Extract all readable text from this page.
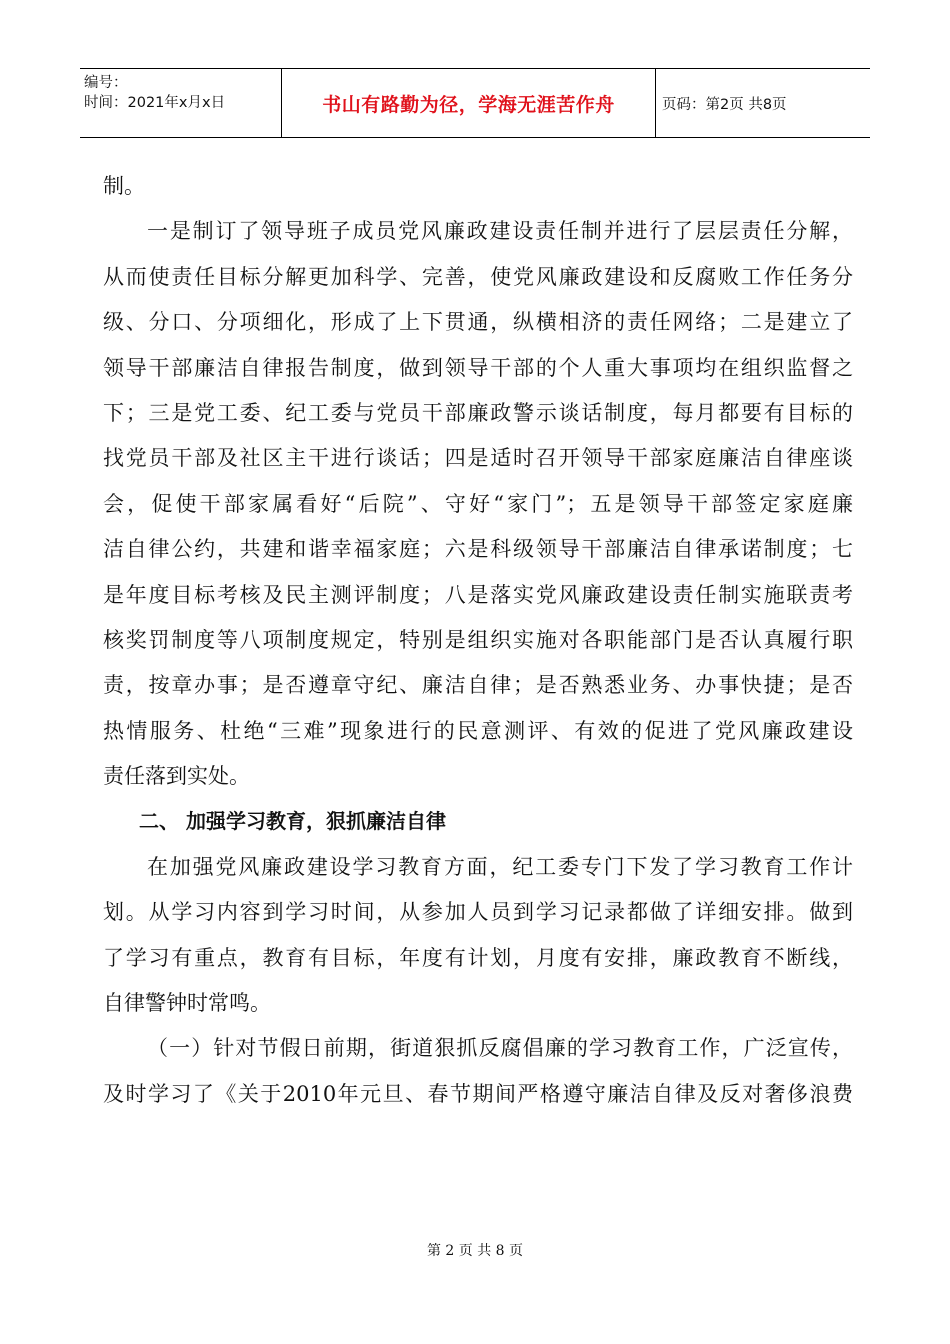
编号：
时间：2021年x月x日	书山有路勤为径，学海无涯苦作舟	页码：第2页 共8页
制。
一是制订了领导班子成员党风廉政建设责任制并进行了层层责任分解，
从而使责任目标分解更加科学、完善，使党风廉政建设和反腐败工作任务分
级、分口、分项细化，形成了上下贯通，纵横相济的责任网络；二是建立了
领导干部廉洁自律报告制度，做到领导干部的个人重大事项均在组织监督之
下；三是党工委、纪工委与党员干部廉政警示谈话制度，每月都要有目标的
找党员干部及社区主干进行谈话；四是适时召开领导干部家庭廉洁自律座谈
会，促使干部家属看好“后院”、守好“家门”；五是领导干部签定家庭廉
洁自律公约，共建和谐幸福家庭；六是科级领导干部廉洁自律承诺制度；七
是年度目标考核及民主测评制度；八是落实党风廉政建设责任制实施联责考
核奖罚制度等八项制度规定，特别是组织实施对各职能部门是否认真履行职
责，按章办事；是否遵章守纪、廉洁自律；是否熟悉业务、办事快捷；是否
热情服务、杜绝“三难”现象进行的民意测评、有效的促进了党风廉政建设
责任落到实处。
二、 加强学习教育，狠抓廉洁自律
在加强党风廉政建设学习教育方面，纪工委专门下发了学习教育工作计
划。从学习内容到学习时间，从参加人员到学习记录都做了详细安排。做到
了学习有重点，教育有目标，年度有计划，月度有安排，廉政教育不断线，
自律警钟时常鸣。
（一）针对节假日前期，街道狠抓反腐倡廉的学习教育工作，广泛宣传，
及时学习了《关于2010年元旦、春节期间严格遵守廉洁自律及反对奢侈浪费
第 2 页 共 8 页
